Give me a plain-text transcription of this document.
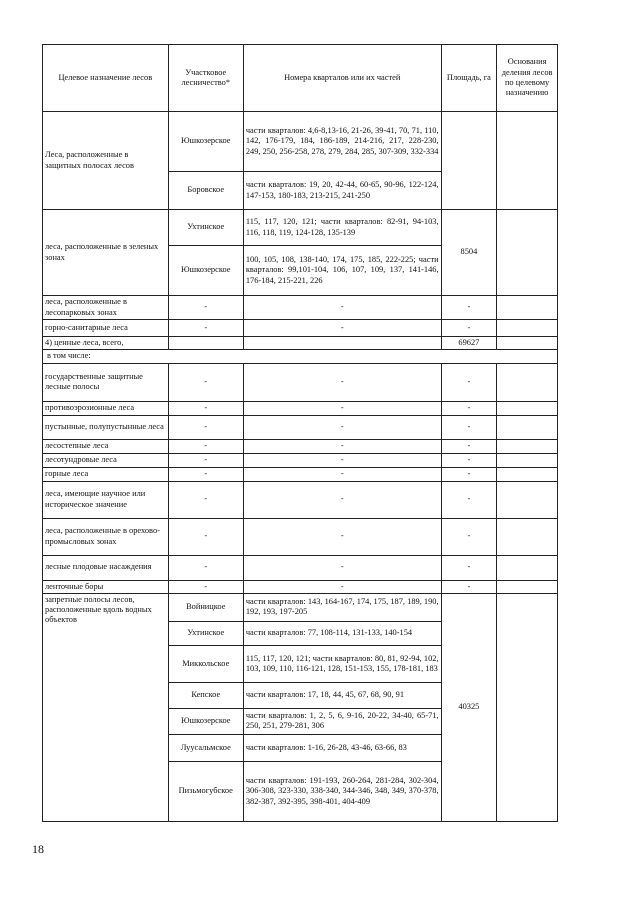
Целевое назначение лесов	Участковое лесничество*	Номера кварталов или их частей	Площадь, га	Основания деления лесов по целевому назначению
Леса, расположенные в защитных полосах лесов	Юшкозерское	части кварталов: 4,6-8,13-16, 21-26, 39-41, 70, 71, 110, 142, 176-179, 184, 186-189, 214-216, 217, 228-230, 249, 250, 256-258, 278, 279, 284, 285, 307-309, 332-334		
	Боровское	части кварталов: 19, 20, 42-44, 60-65, 90-96, 122-124, 147-153, 180-183, 213-215, 241-250		
леса, расположенные в зеленых зонах	Ухтинское	115, 117, 120, 121; части кварталов: 82-91, 94-103, 116, 118, 119, 124-128, 135-139	8504	
	Юшкозерское	100, 105, 108, 138-140, 174, 175, 185, 222-225; части кварталов: 99,101-104, 106, 107, 109, 137, 141-146, 176-184, 215-221, 226		
леса, расположенные в лесопарковых зонах	-	-	-	
горно-санитарные леса	-	-	-	
4) ценные леса, всего,			69627	
в том числе:				
государственные защитные лесные полосы	-	-	-	
противоэрозионные леса	-	-	-	
пустынные, полупустынные леса	-	-	-	
лесостепные леса	-	-	-	
лесотундровые леса	-	-	-	
горные леса	-	-	-	
леса, имеющие научное или историческое значение	-	-	-	
леса, расположенные в орехово-промысловых зонах	-	-	-	
лесные плодовые насаждения	-	-	-	
ленточные боры	-	-	-	
запретные полосы лесов, расположенные вдоль водных объектов	Войницкое	части кварталов: 143, 164-167, 174, 175, 187, 189, 190, 192, 193, 197-205	40325	
	Ухтинское	части кварталов: 77, 108-114, 131-133, 140-154		
	Миккольское	115, 117, 120, 121; части кварталов: 80, 81, 92-94, 102, 103, 109, 110, 116-121, 128, 151-153, 155, 178-181, 183		
	Кепское	части кварталов: 17, 18, 44, 45, 67, 68, 90, 91		
	Юшкозерское	части кварталов: 1, 2, 5, 6, 9-16, 20-22, 34-40, 65-71, 250, 251, 279-281, 306		
	Луусальмское	части кварталов: 1-16, 26-28, 43-46, 63-66, 83		
	Пизьмогубское	части кварталов: 191-193, 260-264, 281-284, 302-304, 306-308, 323-330, 338-340, 344-346, 348, 349, 370-378, 382-387, 392-395, 398-401, 404-409		
18
